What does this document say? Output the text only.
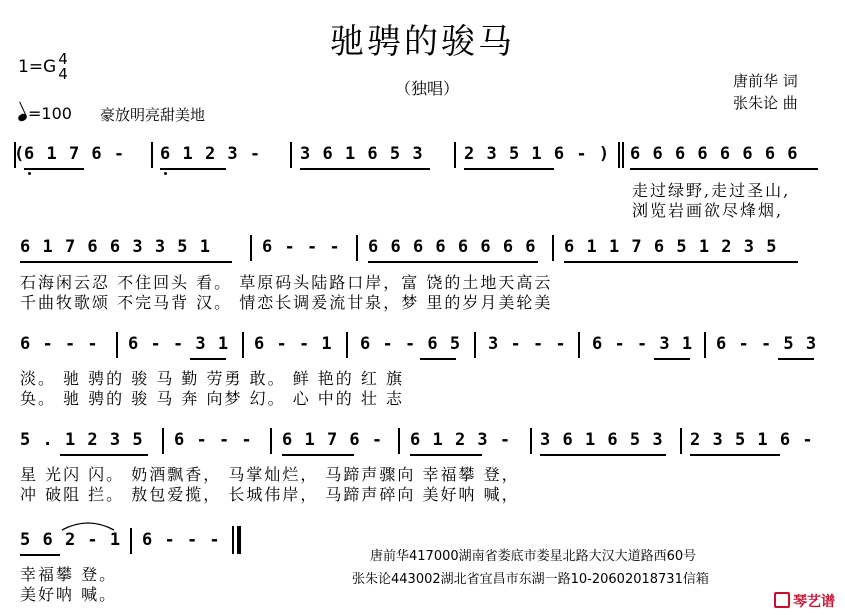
驰骋的骏马
（独唱）	唐前华 词
张朱论 曲
1=G 4
4
=100 豪放明亮甜美地
(
6 1 7 6 - 6 1 2 3 - 3 6 1 6 5 3 2 3 5 1 6 - ) 6 6 6 6 6 6 6 6
走过绿野,走过圣山,
浏览岩画欲尽烽烟,
6 1 7 6 6 3 3 5 1	6 - - - 6 6 6 6 6 6 6 6 6 1 1 7 6 5 1 2 3 5
石海闲云忍 不住回头 看。 草原码头陆路口岸，富 饶的土地天高云
千曲牧歌颂 不完马背 汉。 情恋长调爰流甘泉，梦 里的岁月美轮美
6 - - - 6 - - 3 1 6 - - 1 6 - - 6 5 3 - - - 6 - - 3 1 6 - - 5 3
淡。 驰 骋的 骏 马 勤 劳勇 敢。 鲜 艳的 红 旗
奂。 驰 骋的 骏 马 奔 向梦 幻。 心 中的 壮 志
5 . 1 2 3 5 6 - - - 6 1 7 6 - 6 1 2 3 - 3 6 1 6 5 3 2 3 5 1 6 -
星 光闪 闪。 奶酒飘香， 马掌灿烂， 马蹄声骤向 幸福攀 登，
冲 破阻 拦。 敖包爱揽， 长城伟岸， 马蹄声碎向 美好呐 喊，
5 6 2 - 1 6 - - -
幸福攀 登。
美好呐 喊。
唐前华417000湖南省娄底市娄星北路大汉大道路西60号
张朱论443002湖北省宜昌市东湖一路10-20602018731信箱
琴艺谱
